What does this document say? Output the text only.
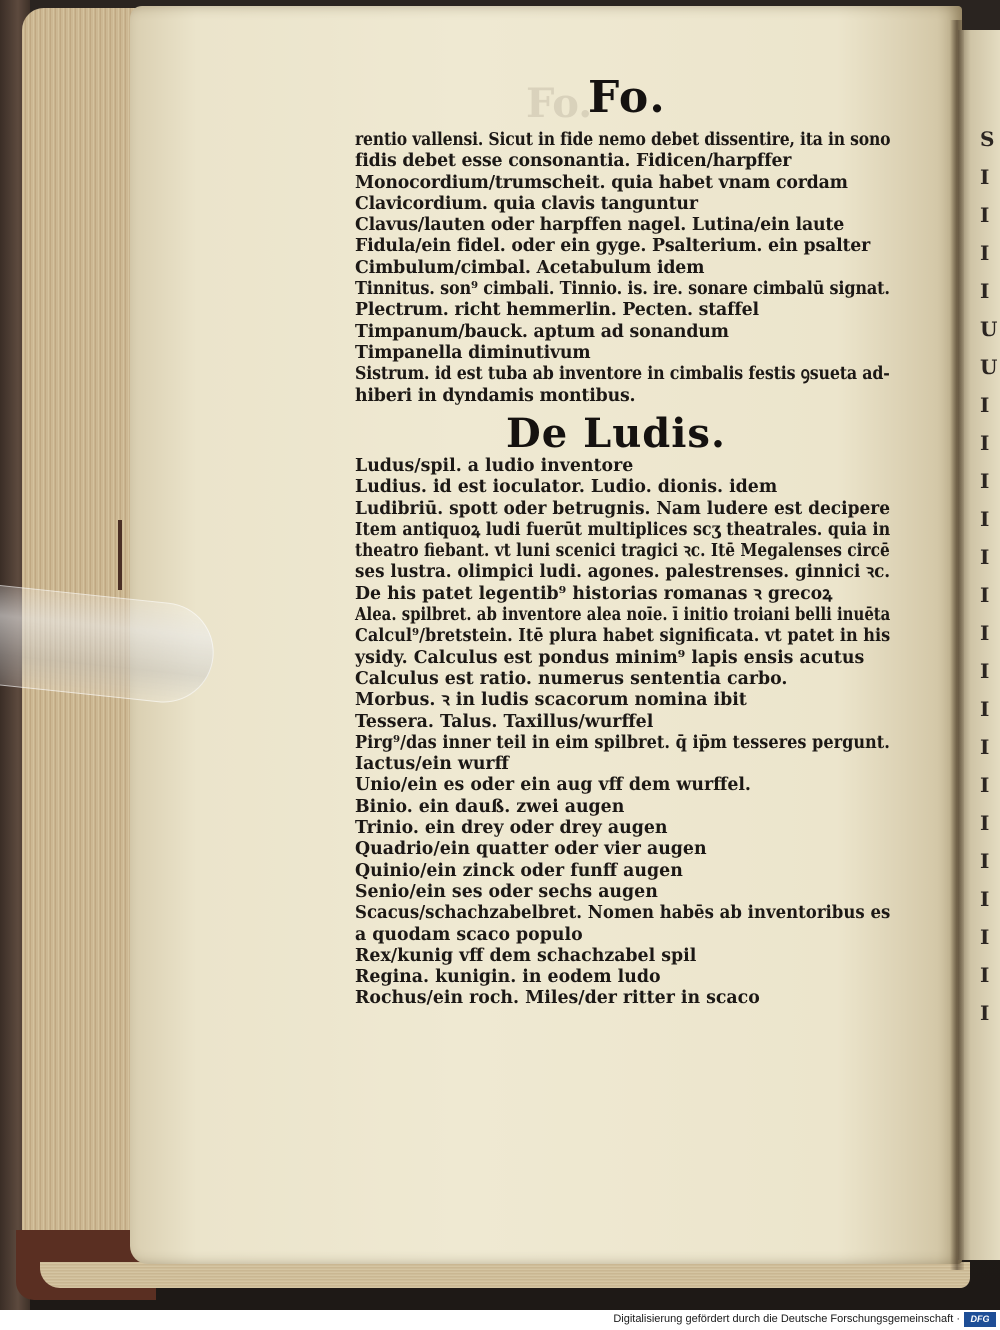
S
I
I
I
I
U
U
I
I
I
I
I
I
I
I
I
I
I
I
I
I
I
I
I
Fo.
Fo.
rentio vallensi. Sicut in fide nemo debet dissentire, ita in sono
fidis debet esse consonantia. Fidicen/harpffer
Monocordium/trumscheit. quia habet vnam cordam
Clavicordium. quia clavis tanguntur
Clavus/lauten oder harpffen nagel. Lutina/ein laute
Fidula/ein fidel. oder ein gyge. Psalterium. ein psalter
Cimbulum/cimbal. Acetabulum idem
Tinnitus. son⁹ cimbali. Tinnio. is. ire. sonare cimbalū signat.
Plectrum. richt hemmerlin. Pecten. staffel
Timpanum/bauck. aptum ad sonandum
Timpanella diminutivum
Sistrum. id est tuba ab inventore in cimbalis festis ꝯsueta ad-
hiberi in dyndamis montibus.
De Ludis.
Ludus/spil. a ludio inventore
Ludius. id est ioculator. Ludio. dionis. idem
Ludibriū. spott oder betrugnis. Nam ludere est decipere
Item antiquoꝝ ludi fuerūt multiplices scʒ theatrales. quia in
theatro fiebant. vt luni scenici tragici ꝛc. Itē Megalenses circē
ses lustra. olimpici ludi. agones. palestrenses. ginnici ꝛc.
De his patet legentib⁹ historias romanas ꝛ grecoꝝ
Alea. spilbret. ab inventore alea noīe. ī initio troiani belli inuēta
Calcul⁹/bretstein. Itē plura habet significata. vt patet in his
ysidy. Calculus est pondus minim⁹ lapis ensis acutus
Calculus est ratio. numerus sententia carbo.
Morbus. ꝛ in ludis scacorum nomina ibit
Tessera. Talus. Taxillus/wurffel
Pirg⁹/das inner teil in eim spilbret. q̄ ip̄m tesseres pergunt.
Iactus/ein wurff
Unio/ein es oder ein aug vff dem wurffel.
Binio. ein dauß. zwei augen
Trinio. ein drey oder drey augen
Quadrio/ein quatter oder vier augen
Quinio/ein zinck oder funff augen
Senio/ein ses oder sechs augen
Scacus/schachzabelbret. Nomen habēs ab inventoribus es
a quodam scaco populo
Rex/kunig vff dem schachzabel spil
Regina. kunigin. in eodem ludo
Rochus/ein roch. Miles/der ritter in scaco
Digitalisierung gefördert durch die Deutsche Forschungsgemeinschaft ·	DFG
